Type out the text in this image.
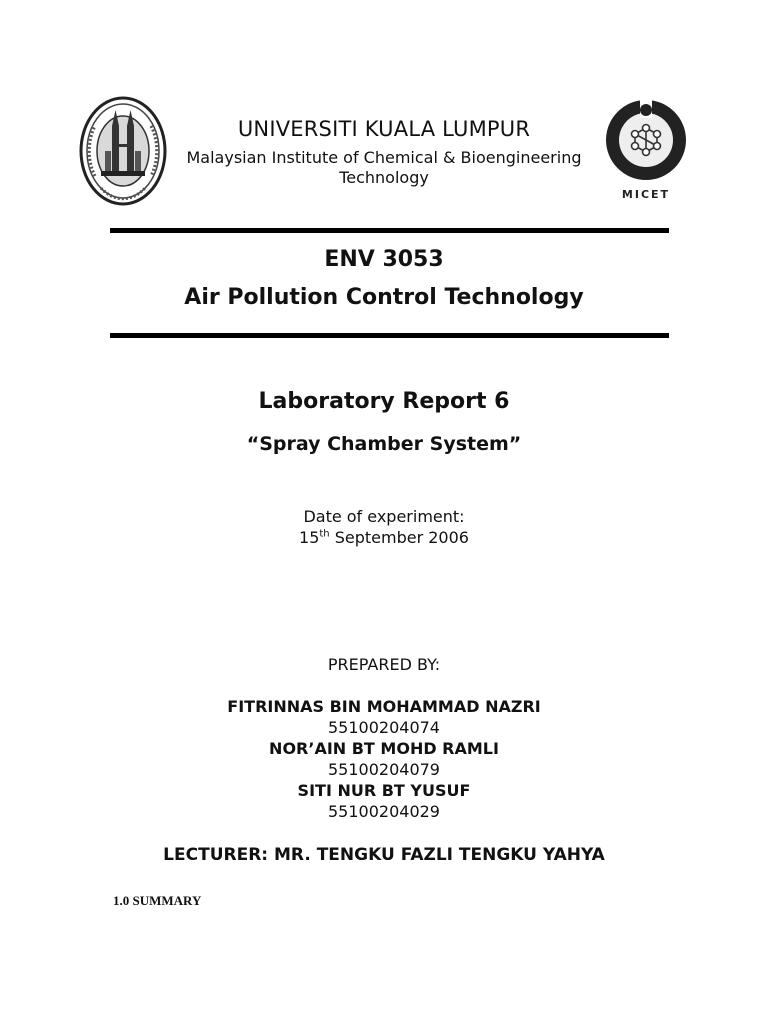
MICET
UNIVERSITI KUALA LUMPUR
Malaysian Institute of Chemical & Bioengineering
Technology
ENV 3053
Air Pollution Control Technology
Laboratory Report 6
“Spray Chamber System”
Date of experiment:
15th September 2006
PREPARED BY:
FITRINNAS BIN MOHAMMAD NAZRI
55100204074
NOR’AIN BT MOHD RAMLI
55100204079
SITI NUR BT YUSUF
55100204029
LECTURER: MR. TENGKU FAZLI TENGKU YAHYA
1.0 SUMMARY
